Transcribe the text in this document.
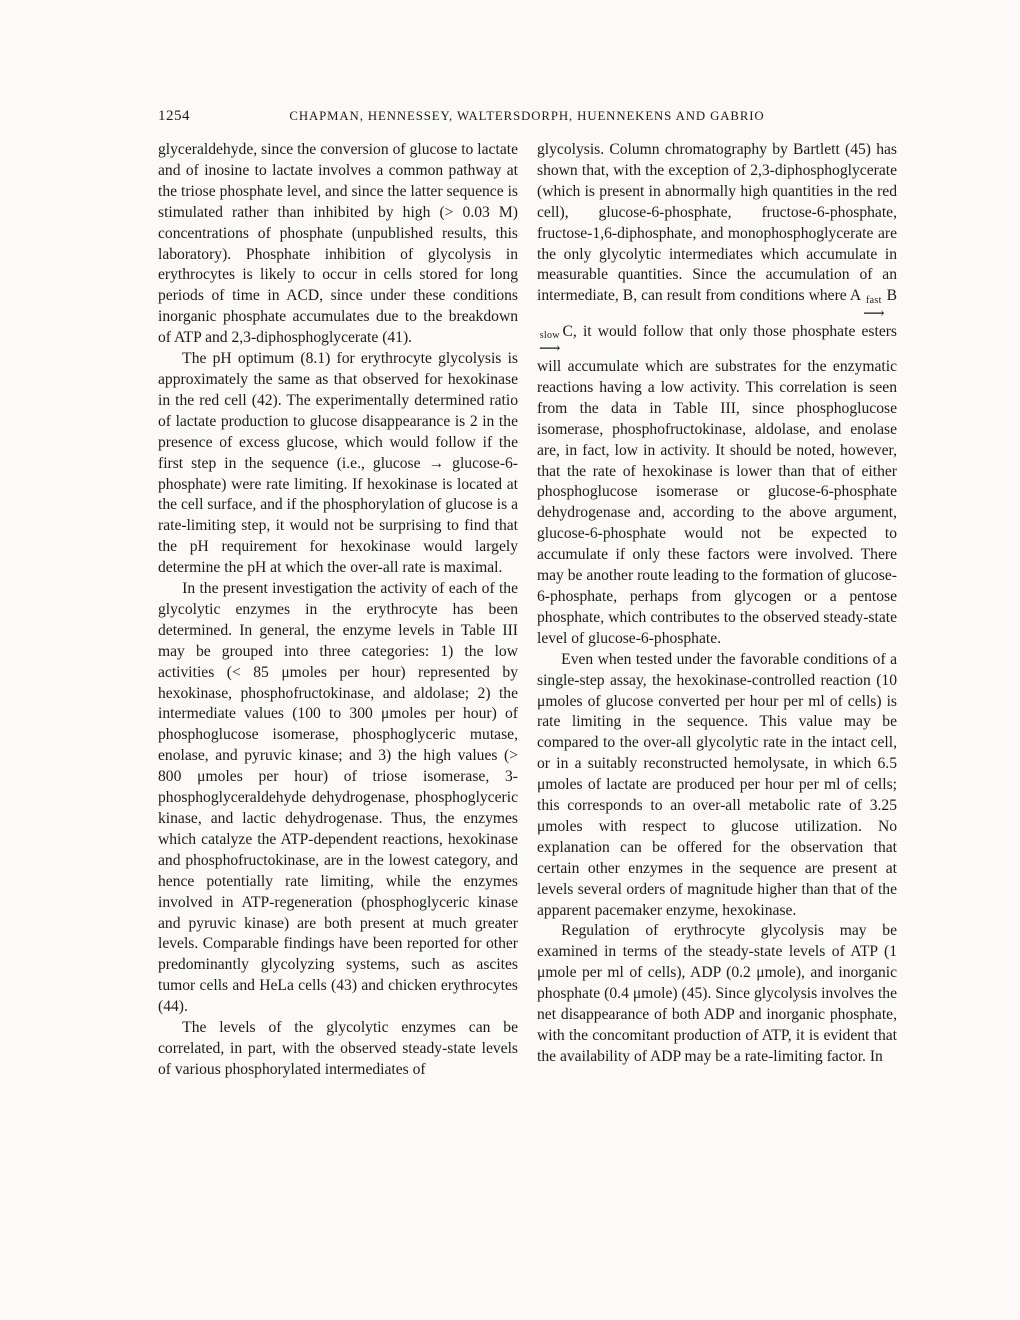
1254	CHAPMAN, HENNESSEY, WALTERSDORPH, HUENNEKENS AND GABRIO

glyceraldehyde, since the conversion of glucose to lactate and of inosine to lactate involves a common pathway at the triose phosphate level, and since the latter sequence is stimulated rather than inhibited by high (> 0.03 M) concentrations of phosphate (unpublished results, this laboratory). Phosphate inhibition of glycolysis in erythrocytes is likely to occur in cells stored for long periods of time in ACD, since under these conditions inorganic phosphate accumulates due to the breakdown of ATP and 2,3-diphosphoglycerate (41).

The pH optimum (8.1) for erythrocyte glycolysis is approximately the same as that observed for hexokinase in the red cell (42). The experimentally determined ratio of lactate production to glucose disappearance is 2 in the presence of excess glucose, which would follow if the first step in the sequence (i.e., glucose → glucose-6-phosphate) were rate limiting. If hexokinase is located at the cell surface, and if the phosphorylation of glucose is a rate-limiting step, it would not be surprising to find that the pH requirement for hexokinase would largely determine the pH at which the over-all rate is maximal.

In the present investigation the activity of each of the glycolytic enzymes in the erythrocyte has been determined. In general, the enzyme levels in Table III may be grouped into three categories: 1) the low activities (< 85 μmoles per hour) represented by hexokinase, phosphofructokinase, and aldolase; 2) the intermediate values (100 to 300 μmoles per hour) of phosphoglucose isomerase, phosphoglyceric mutase, enolase, and pyruvic kinase; and 3) the high values (> 800 μmoles per hour) of triose isomerase, 3-phosphoglyceraldehyde dehydrogenase, phosphoglyceric kinase, and lactic dehydrogenase. Thus, the enzymes which catalyze the ATP-dependent reactions, hexokinase and phosphofructokinase, are in the lowest category, and hence potentially rate limiting, while the enzymes involved in ATP-regeneration (phosphoglyceric kinase and pyruvic kinase) are both present at much greater levels. Comparable findings have been reported for other predominantly glycolyzing systems, such as ascites tumor cells and HeLa cells (43) and chicken erythrocytes (44).

The levels of the glycolytic enzymes can be correlated, in part, with the observed steady-state levels of various phosphorylated intermediates of

glycolysis. Column chromatography by Bartlett (45) has shown that, with the exception of 2,3-diphosphoglycerate (which is present in abnormally high quantities in the red cell), glucose-6-phosphate, fructose-6-phosphate, fructose-1,6-diphosphate, and monophosphoglycerate are the only glycolytic intermediates which accumulate in measurable quantities. Since the accumulation of an intermediate, B, can result from conditions where A fast
⟶
B
slow
⟶
C, it would follow that only those phosphate esters will accumulate which are substrates for the enzymatic reactions having a low activity. This correlation is seen from the data in Table III, since phosphoglucose isomerase, phosphofructokinase, aldolase, and enolase are, in fact, low in activity. It should be noted, however, that the rate of hexokinase is lower than that of either phosphoglucose isomerase or glucose-6-phosphate dehydrogenase and, according to the above argument, glucose-6-phosphate would not be expected to accumulate if only these factors were involved. There may be another route leading to the formation of glucose-6-phosphate, perhaps from glycogen or a pentose phosphate, which contributes to the observed steady-state level of glucose-6-phosphate.

Even when tested under the favorable conditions of a single-step assay, the hexokinase-controlled reaction (10 μmoles of glucose converted per hour per ml of cells) is rate limiting in the sequence. This value may be compared to the over-all glycolytic rate in the intact cell, or in a suitably reconstructed hemolysate, in which 6.5 μmoles of lactate are produced per hour per ml of cells; this corresponds to an over-all metabolic rate of 3.25 μmoles with respect to glucose utilization. No explanation can be offered for the observation that certain other enzymes in the sequence are present at levels several orders of magnitude higher than that of the apparent pacemaker enzyme, hexokinase.

Regulation of erythrocyte glycolysis may be examined in terms of the steady-state levels of ATP (1 μmole per ml of cells), ADP (0.2 μmole), and inorganic phosphate (0.4 μmole) (45). Since glycolysis involves the net disappearance of both ADP and inorganic phosphate, with the concomitant production of ATP, it is evident that the availability of ADP may be a rate-limiting factor. In
